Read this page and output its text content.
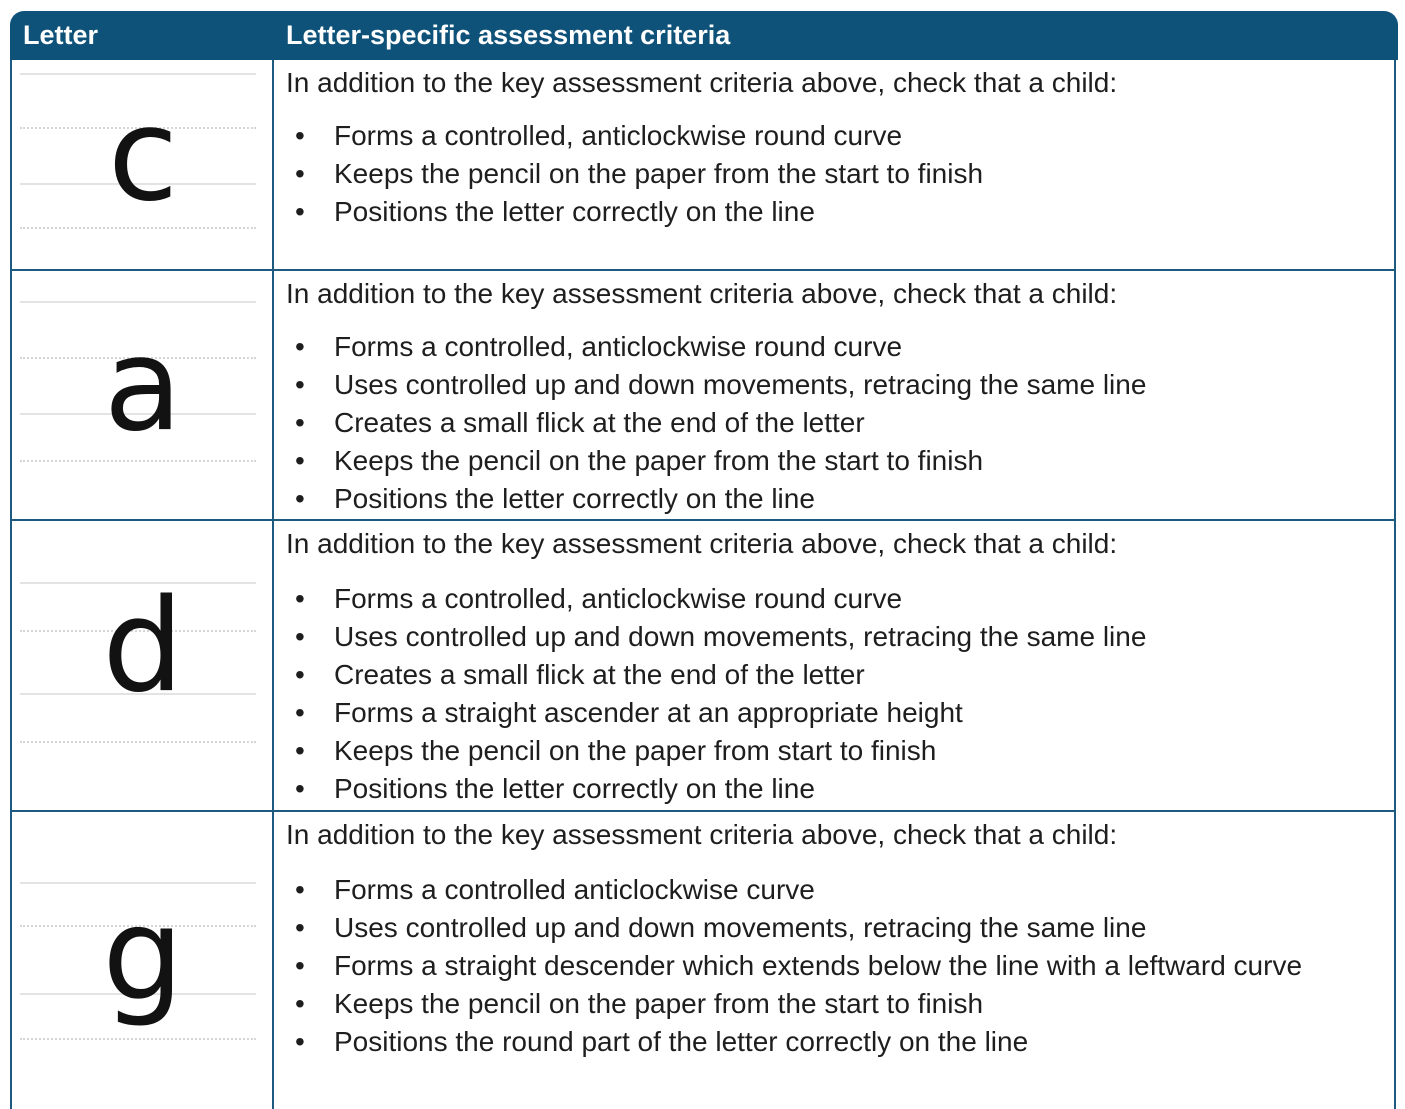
Letter	Letter-specific assessment criteria
c	In addition to the key assessment criteria above, check that a child:
• Forms a controlled, anticlockwise round curve
• Keeps the pencil on the paper from the start to finish
• Positions the letter correctly on the line
a
In addition to the key assessment criteria above, check that a child:
• Forms a controlled, anticlockwise round curve
• Uses controlled up and down movements, retracing the same line
• Creates a small flick at the end of the letter
• Keeps the pencil on the paper from the start to finish
• Positions the letter correctly on the line
d
In addition to the key assessment criteria above, check that a child:
• Forms a controlled, anticlockwise round curve
• Uses controlled up and down movements, retracing the same line
• Creates a small flick at the end of the letter
• Forms a straight ascender at an appropriate height
• Keeps the pencil on the paper from start to finish
• Positions the letter correctly on the line
g
In addition to the key assessment criteria above, check that a child:
• Forms a controlled anticlockwise curve
• Uses controlled up and down movements, retracing the same line
• Forms a straight descender which extends below the line with a leftward curve
• Keeps the pencil on the paper from the start to finish
• Positions the round part of the letter correctly on the line
